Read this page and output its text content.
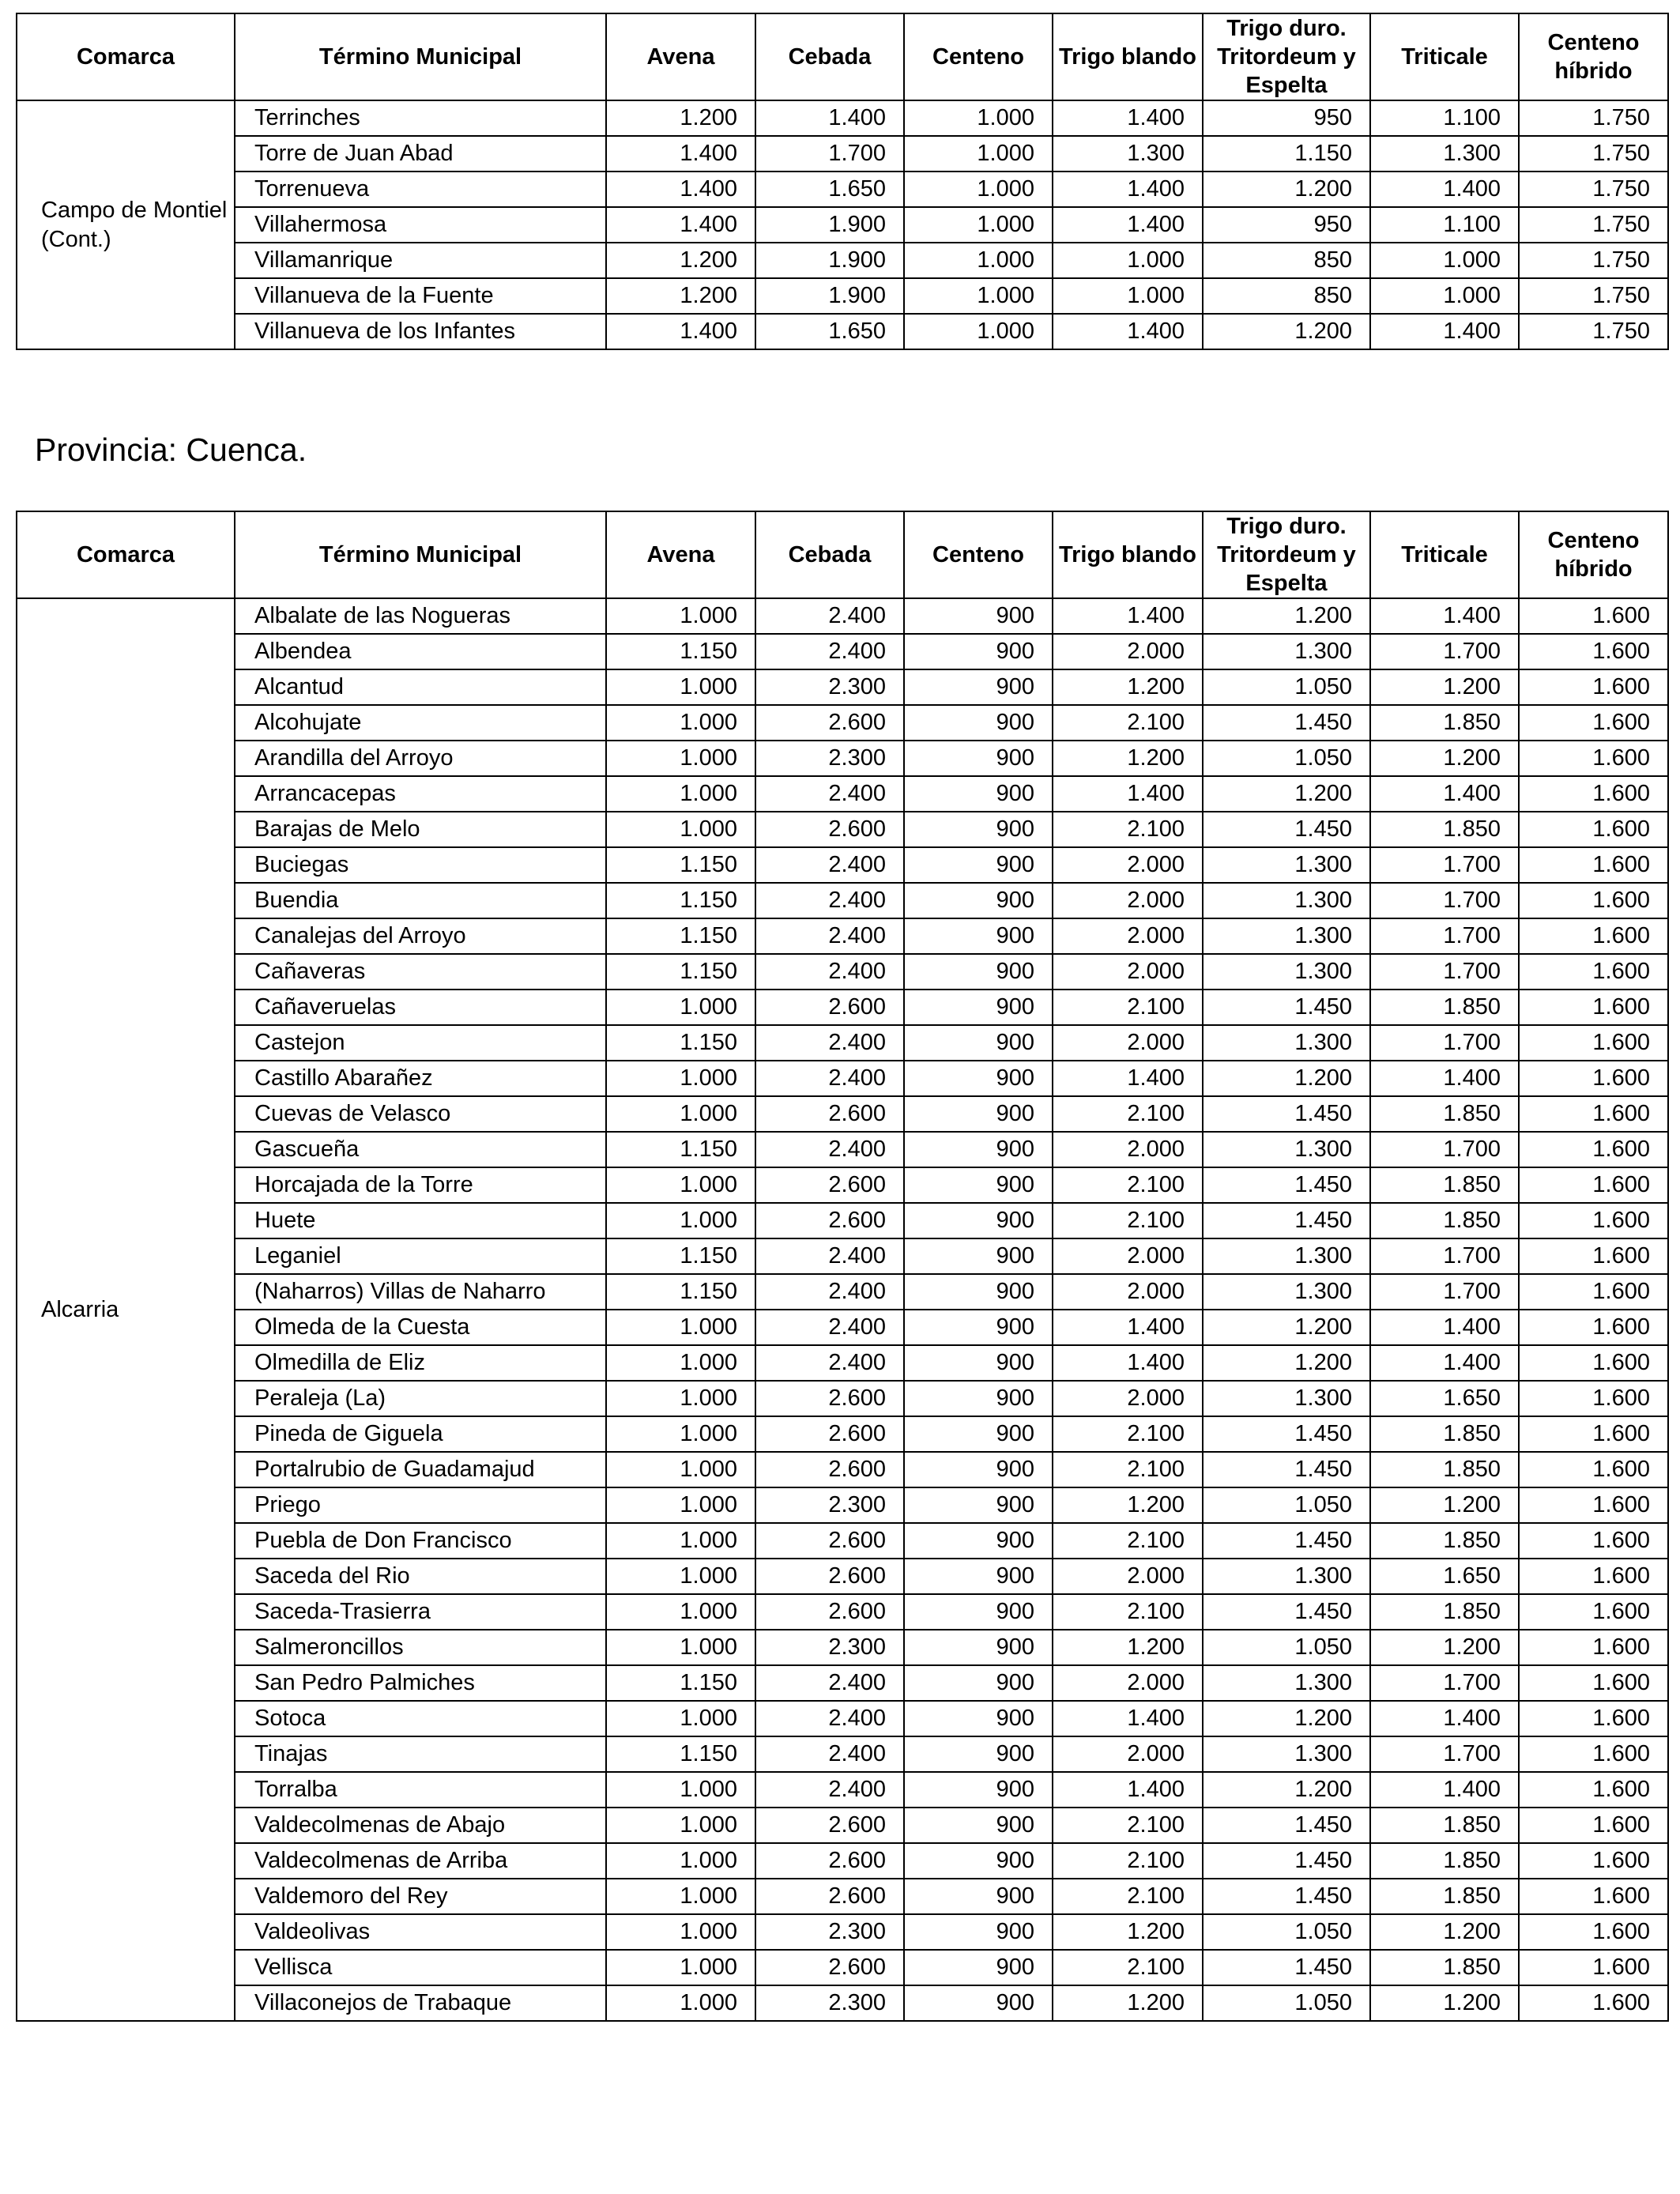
Comarca	Término Municipal	Avena	Cebada	Centeno	Trigo blando	Trigo duro. Tritordeum y Espelta	Triticale	Centeno híbrido
Campo de Montiel (Cont.)	Terrinches	1.200	1.400	1.000	1.400	950	1.100	1.750
	Torre de Juan Abad	1.400	1.700	1.000	1.300	1.150	1.300	1.750
	Torrenueva	1.400	1.650	1.000	1.400	1.200	1.400	1.750
	Villahermosa	1.400	1.900	1.000	1.400	950	1.100	1.750
	Villamanrique	1.200	1.900	1.000	1.000	850	1.000	1.750
	Villanueva de la Fuente	1.200	1.900	1.000	1.000	850	1.000	1.750
	Villanueva de los Infantes	1.400	1.650	1.000	1.400	1.200	1.400	1.750
Provincia: Cuenca.
Comarca	Término Municipal	Avena	Cebada	Centeno	Trigo blando	Trigo duro. Tritordeum y Espelta	Triticale	Centeno híbrido
Alcarria	Albalate de las Nogueras	1.000	2.400	900	1.400	1.200	1.400	1.600
	Albendea	1.150	2.400	900	2.000	1.300	1.700	1.600
	Alcantud	1.000	2.300	900	1.200	1.050	1.200	1.600
	Alcohujate	1.000	2.600	900	2.100	1.450	1.850	1.600
	Arandilla del Arroyo	1.000	2.300	900	1.200	1.050	1.200	1.600
	Arrancacepas	1.000	2.400	900	1.400	1.200	1.400	1.600
	Barajas de Melo	1.000	2.600	900	2.100	1.450	1.850	1.600
	Buciegas	1.150	2.400	900	2.000	1.300	1.700	1.600
	Buendia	1.150	2.400	900	2.000	1.300	1.700	1.600
	Canalejas del Arroyo	1.150	2.400	900	2.000	1.300	1.700	1.600
	Cañaveras	1.150	2.400	900	2.000	1.300	1.700	1.600
	Cañaveruelas	1.000	2.600	900	2.100	1.450	1.850	1.600
	Castejon	1.150	2.400	900	2.000	1.300	1.700	1.600
	Castillo Abarañez	1.000	2.400	900	1.400	1.200	1.400	1.600
	Cuevas de Velasco	1.000	2.600	900	2.100	1.450	1.850	1.600
	Gascueña	1.150	2.400	900	2.000	1.300	1.700	1.600
	Horcajada de la Torre	1.000	2.600	900	2.100	1.450	1.850	1.600
	Huete	1.000	2.600	900	2.100	1.450	1.850	1.600
	Leganiel	1.150	2.400	900	2.000	1.300	1.700	1.600
	(Naharros) Villas de Naharro	1.150	2.400	900	2.000	1.300	1.700	1.600
	Olmeda de la Cuesta	1.000	2.400	900	1.400	1.200	1.400	1.600
	Olmedilla de Eliz	1.000	2.400	900	1.400	1.200	1.400	1.600
	Peraleja (La)	1.000	2.600	900	2.000	1.300	1.650	1.600
	Pineda de Giguela	1.000	2.600	900	2.100	1.450	1.850	1.600
	Portalrubio de Guadamajud	1.000	2.600	900	2.100	1.450	1.850	1.600
	Priego	1.000	2.300	900	1.200	1.050	1.200	1.600
	Puebla de Don Francisco	1.000	2.600	900	2.100	1.450	1.850	1.600
	Saceda del Rio	1.000	2.600	900	2.000	1.300	1.650	1.600
	Saceda-Trasierra	1.000	2.600	900	2.100	1.450	1.850	1.600
	Salmeroncillos	1.000	2.300	900	1.200	1.050	1.200	1.600
	San Pedro Palmiches	1.150	2.400	900	2.000	1.300	1.700	1.600
	Sotoca	1.000	2.400	900	1.400	1.200	1.400	1.600
	Tinajas	1.150	2.400	900	2.000	1.300	1.700	1.600
	Torralba	1.000	2.400	900	1.400	1.200	1.400	1.600
	Valdecolmenas de Abajo	1.000	2.600	900	2.100	1.450	1.850	1.600
	Valdecolmenas de Arriba	1.000	2.600	900	2.100	1.450	1.850	1.600
	Valdemoro del Rey	1.000	2.600	900	2.100	1.450	1.850	1.600
	Valdeolivas	1.000	2.300	900	1.200	1.050	1.200	1.600
	Vellisca	1.000	2.600	900	2.100	1.450	1.850	1.600
	Villaconejos de Trabaque	1.000	2.300	900	1.200	1.050	1.200	1.600
